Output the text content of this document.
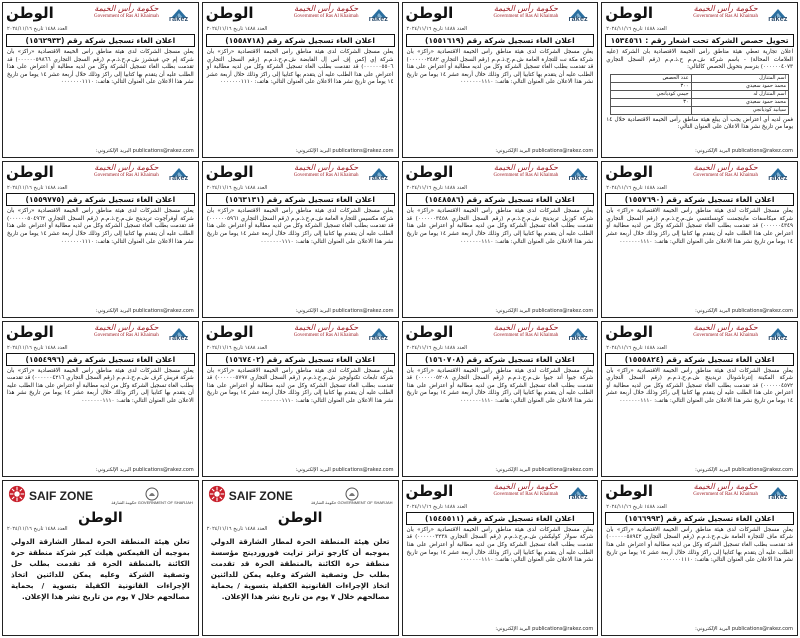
rakez
حكومة رأس الخيمة
Government of Ras Al Khaimah
الوطن
العدد ١٤٨٨ تاريخ ٢٠٢٤/١١/١٦
تحويل حصص الشركة تحت اشعار رقم : ١٥٣٤٥٦١
اعلان تجارية تعطي هيئة مناطق رأس الخيمة الاقتصادية بأن الشركة (عليه العلامات المحالة) - باسم شركة ش.م.م ح.ذ.م.م (رقم السجل التجاري ٠٠٠٠٠٠٤٠٧٣) بترسم بتحويل الحصص كالتالي:
اسم المتنازل	عدد الحصص
محمد حمود سعيدي	٣٠٠
اسم المتنازل له	جيمي كوديانجي
محمد حمود سعيدي	٣٠
سيانيد كوديانجي	
فمن لديه أي اعتراض يجب أن يبلغ هيئة مناطق رأس الخيمة الاقتصادية خلال ١٤ يوما من تاريخ نشر هذا الاعلان على العنوان التالي:
publications@rakez.com البريد الإلكتروني:
rakez
حكومة رأس الخيمة
Government of Ras Al Khaimah
الوطن
العدد ١٤٨٨ تاريخ ٢٠٢٤/١١/١٦
اعلان الغاء تسجيل شركة رقم (١٥٥١٦١٩)
يعلن مسجل الشركات لدى هيئة مناطق رأس الخيمة الاقتصادية «راكز» بأن شركة مكة نت للتجارة العامة ش.م.ح.ذ.م.م (رقم السجل التجاري ٠٠٠٠٠٠٢٤٨٢) قد تقدمت بطلب الغاء تسجيل الشركة وكل من لديه مطالبة أو اعتراض على هذا الطلب عليه أن يتقدم بها كتابيا إلى راكز وذلك خلال أربعة عشر ١٤ يوما من تاريخ نشر هذا الاعلان على العنوان التالي: هاتف: ٠٠٠٠٠٠٠١١١٠
publications@rakez.com البريد الإلكتروني:
rakez
حكومة رأس الخيمة
Government of Ras Al Khaimah
الوطن
العدد ١٤٨٨ تاريخ ٢٠٢٤/١١/١٦
اعلان الغاء تسجيل شركة رقم (١٥٥٨٧١٨)
يعلن مسجل الشركات لدى هيئة مناطق رأس الخيمة الاقتصادية «راكز» بأن شركة إي إكس إف أس إل القابضة ش.م.ح.ذ.م.م (رقم السجل التجاري ٠٠٠٠٠٠٥٥٠٦) قد تقدمت بطلب الغاء تسجيل الشركة وكل من لديه مطالبة أو اعتراض على هذا الطلب عليه أن يتقدم بها كتابيا إلى راكز وذلك خلال أربعة عشر ١٤ يوما من تاريخ نشر هذا الاعلان على العنوان التالي: هاتف: ٠٠٠٠٠٠٠١١١٠
publications@rakez.com البريد الإلكتروني:
rakez
حكومة رأس الخيمة
Government of Ras Al Khaimah
الوطن
العدد ١٤٨٨ تاريخ ٢٠٢٤/١١/١٦
اعلان الغاء تسجيل شركة رقم (١٥٦٢٩٣٣)
يعلن مسجل الشركات لدى هيئة مناطق رأس الخيمة الاقتصادية «راكز» بأن شركة إم جي فينشرز ش.م.ح.ذ.م.م (رقم السجل التجاري ٠٠٠٠٠٠٥٩٨٦٦) قد تقدمت بطلب الغاء تسجيل الشركة وكل من لديه مطالبة أو اعتراض على هذا الطلب عليه أن يتقدم بها كتابيا إلى راكز وذلك خلال أربعة عشر ١٤ يوما من تاريخ نشر هذا الاعلان على العنوان التالي: هاتف: ٠٠٠٠٠٠٠١١١٠
publications@rakez.com البريد الإلكتروني:
rakez
حكومة رأس الخيمة
Government of Ras Al Khaimah
الوطن
العدد ١٤٨٨ تاريخ ٢٠٢٤/١١/١٦
اعلان الغاء تسجيل شركة رقم (١٥٥٧٦٩٠)
يعلن مسجل الشركات لدى هيئة مناطق رأس الخيمة الاقتصادية «راكز» بأن شركة ميكاسفات ماينجمنت كونسلتنسي ش.م.ح.ذ.م.م (رقم السجل التجاري ٠٠٠٠٠٠٤٣٤٩) قد تقدمت بطلب الغاء تسجيل الشركة وكل من لديه مطالبة أو اعتراض على هذا الطلب عليه أن يتقدم بها كتابيا إلى راكز وذلك خلال أربعة عشر ١٤ يوما من تاريخ نشر هذا الاعلان على العنوان التالي: هاتف: ٠٠٠٠٠٠٠١١١٠
publications@rakez.com البريد الإلكتروني:
rakez
حكومة رأس الخيمة
Government of Ras Al Khaimah
الوطن
العدد ١٤٨٨ تاريخ ٢٠٢٤/١١/١٦
اعلان الغاء تسجيل شركة رقم (١٥٤٨٥٨٦)
يعلن مسجل الشركات لدى هيئة مناطق رأس الخيمة الاقتصادية «راكز» بأن شركة كوزيل تريدينج ش.م.ح.ذ.م.م (رقم السجل التجاري ٠٠٠٠٠٠٣٤٥٨) قد تقدمت بطلب الغاء تسجيل الشركة وكل من لديه مطالبة أو اعتراض على هذا الطلب عليه أن يتقدم بها كتابيا إلى راكز وذلك خلال أربعة عشر ١٤ يوما من تاريخ نشر هذا الاعلان على العنوان التالي: هاتف: ٠٠٠٠٠٠٠١١١٠
publications@rakez.com البريد الإلكتروني:
rakez
حكومة رأس الخيمة
Government of Ras Al Khaimah
الوطن
العدد ١٤٨٨ تاريخ ٢٠٢٤/١١/١٦
اعلان الغاء تسجيل شركة رقم (١٥٦٣١٣١)
يعلن مسجل الشركات لدى هيئة مناطق رأس الخيمة الاقتصادية «راكز» بأن شركة مكسيس للتجارة العامة ش.م.ح.ذ.م.م (رقم السجل التجاري ٠٠٠٠٠٠٥٩٦١) قد تقدمت بطلب الغاء تسجيل الشركة وكل من لديه مطالبة أو اعتراض على هذا الطلب عليه أن يتقدم بها كتابيا إلى راكز وذلك خلال أربعة عشر ١٤ يوما من تاريخ نشر هذا الاعلان على العنوان التالي: هاتف: ٠٠٠٠٠٠٠١١١٠
publications@rakez.com البريد الإلكتروني:
rakez
حكومة رأس الخيمة
Government of Ras Al Khaimah
الوطن
العدد ١٤٨٨ تاريخ ٢٠٢٤/١١/١٦
اعلان الغاء تسجيل شركة رقم (١٥٥٩٧٧٥)
يعلن مسجل الشركات لدى هيئة مناطق رأس الخيمة الاقتصادية «راكز» بأن شركة أوفرآچوت تريدينج ش.م.ح.ذ.م.م (رقم السجل التجاري ٠٠٠٠٠٠٥٠٤٩٦٣) قد تقدمت بطلب الغاء تسجيل الشركة وكل من لديه مطالبة أو اعتراض على هذا الطلب عليه أن يتقدم بها كتابيا إلى راكز وذلك خلال أربعة عشر ١٤ يوما من تاريخ نشر هذا الاعلان على العنوان التالي: هاتف: ٠٠٠٠٠٠٠١١١٠
publications@rakez.com البريد الإلكتروني:
rakez
حكومة رأس الخيمة
Government of Ras Al Khaimah
الوطن
العدد ١٤٨٨ تاريخ ٢٠٢٤/١١/١٦
اعلان الغاء تسجيل شركة رقم (١٥٥٥٨٢٤)
يعلن مسجل الشركات لدى هيئة مناطق رأس الخيمة الاقتصادية «راكز» بأن شركة المكينة إنترناشونال تريدينج ش.م.ح.ذ.م.م (رقم السجل التجاري ٠٠٠٠٠٠٤٥٧٢) قد تقدمت بطلب الغاء تسجيل الشركة وكل من لديه مطالبة أو اعتراض على هذا الطلب عليه أن يتقدم بها كتابيا إلى راكز وذلك خلال أربعة عشر ١٤ يوما من تاريخ نشر هذا الاعلان على العنوان التالي: هاتف: ٠٠٠٠٠٠٠١١١٠
publications@rakez.com البريد الإلكتروني:
rakez
حكومة رأس الخيمة
Government of Ras Al Khaimah
الوطن
العدد ١٤٨٨ تاريخ ٢٠٢٤/١١/١٦
اعلان الغاء تسجيل شركة رقم (١٥٦٠٧٠٨)
يعلن مسجل الشركات لدى هيئة مناطق رأس الخيمة الاقتصادية «راكز» بأن شركة جيوا أند جيوا ش.م.ح.ذ.م.م (رقم السجل التجاري ٠٠٠٠٠٠٥٢٠٨) قد تقدمت بطلب الغاء تسجيل الشركة وكل من لديه مطالبة أو اعتراض على هذا الطلب عليه أن يتقدم بها كتابيا إلى راكز وذلك خلال أربعة عشر ١٤ يوما من تاريخ نشر هذا الاعلان على العنوان التالي: هاتف: ٠٠٠٠٠٠٠١١١٠
publications@rakez.com البريد الإلكتروني:
rakez
حكومة رأس الخيمة
Government of Ras Al Khaimah
الوطن
العدد ١٤٨٨ تاريخ ٢٠٢٤/١١/١٦
اعلان الغاء تسجيل شركة رقم (١٥٦٧٤٠٢)
يعلن مسجل الشركات لدى هيئة مناطق رأس الخيمة الاقتصادية «راكز» بأن شركة تابعات تكنولوجيز ش.م.ح.ذ.م.م (رقم السجل التجاري ٠٠٠٠٠٠٥٧٩٧) قد تقدمت بطلب الغاء تسجيل الشركة وكل من لديه مطالبة أو اعتراض على هذا الطلب عليه أن يتقدم بها كتابيا إلى راكز وذلك خلال أربعة عشر ١٤ يوما من تاريخ نشر هذا الاعلان على العنوان التالي: هاتف: ٠٠٠٠٠٠٠١١١٠
publications@rakez.com البريد الإلكتروني:
rakez
حكومة رأس الخيمة
Government of Ras Al Khaimah
الوطن
العدد ١٤٨٨ تاريخ ٢٠٢٤/١١/١٦
اعلان الغاء تسجيل شركة رقم (١٥٥٤٩٩٦)
يعلن مسجل الشركات لدى هيئة مناطق رأس الخيمة الاقتصادية «راكز» بأن شركة فريش كرف ش.م.ح.ذ.م.م (رقم السجل التجاري ٠٠٠٠٠٠٤٢١٦) قد تقدمت بطلب الغاء تسجيل الشركة وكل من لديه مطالبة أو اعتراض على هذا الطلب عليه أن يتقدم بها كتابيا إلى راكز وذلك خلال أربعة عشر ١٤ يوما من تاريخ نشر هذا الاعلان على العنوان التالي: هاتف: ٠٠٠٠٠٠٠١١١٠
publications@rakez.com البريد الإلكتروني:
rakez
حكومة رأس الخيمة
Government of Ras Al Khaimah
الوطن
العدد ١٤٨٨ تاريخ ٢٠٢٤/١١/١٦
اعلان الغاء تسجيل شركة رقم (١٥٦٦٩٩٣)
يعلن مسجل الشركات لدى هيئة مناطق رأس الخيمة الاقتصادية «راكز» بأن شركة ماف للتجارة العامة ش.م.ح.ذ.م.م (رقم السجل التجاري ٠٠٠٠٠٠٥٨٩٤٢) قد تقدمت بطلب الغاء تسجيل الشركة وكل من لديه مطالبة أو اعتراض على هذا الطلب عليه أن يتقدم بها كتابيا إلى راكز وذلك خلال أربعة عشر ١٤ يوما من تاريخ نشر هذا الاعلان على العنوان التالي: هاتف: ٠٠٠٠٠٠٠١١١٠
publications@rakez.com البريد الإلكتروني:
rakez
حكومة رأس الخيمة
Government of Ras Al Khaimah
الوطن
العدد ١٤٨٨ تاريخ ٢٠٢٤/١١/١٦
اعلان الغاء تسجيل شركة رقم (١٥٤٥٥١١)
يعلن مسجل الشركات لدى هيئة مناطق رأس الخيمة الاقتصادية «راكز» بأن شركة سولار كوليكشن ش.م.ح.ذ.م.م (رقم السجل التجاري ٠٠٠٠٠٠٣٢٣٨) قد تقدمت بطلب الغاء تسجيل الشركة وكل من لديه مطالبة أو اعتراض على هذا الطلب عليه أن يتقدم بها كتابيا إلى راكز وذلك خلال أربعة عشر ١٤ يوما من تاريخ نشر هذا الاعلان على العنوان التالي: هاتف: ٠٠٠٠٠٠٠١١١٠
publications@rakez.com البريد الإلكتروني:
SAIF ZONE	حكومة الشارقة GOVERNMENT OF SHARJAH
الوطن
العدد ١٤٨٨ تاريخ ٢٠٢٤/١١/١٦
تعلن هيئة المنطقة الحرة لمطار الشارقة الدولي بموجبه أن كارجو ترانز ترايت فوروردينج مؤسسة منطقة حرة الكائنة بالمنطقة الحرة قد تقدمت بطلب حل وتصفية الشركة وعليه يمكن للدائنين اتخاذ الإجراءات القانونية الكفيلة بتسوية / بحماية مصالحهم خلال ٧ يوم من تاريخ نشر هذا الإعلان.
SAIF ZONE	حكومة الشارقة GOVERNMENT OF SHARJAH
الوطن
العدد ١٤٨٨ تاريخ ٢٠٢٤/١١/١٦
تعلن هيئة المنطقة الحرة لمطار الشارقة الدولي بموجبه أن الفيمكس هيلث كير شركة منطقة حرة الكائنة بالمنطقة الحرة قد تقدمت بطلب حل وتصفية الشركة وعليه يمكن للدائنين اتخاذ الإجراءات القانونية الكفيلة بتسوية / بحماية مصالحهم خلال ٧ يوم من تاريخ نشر هذا الإعلان.
